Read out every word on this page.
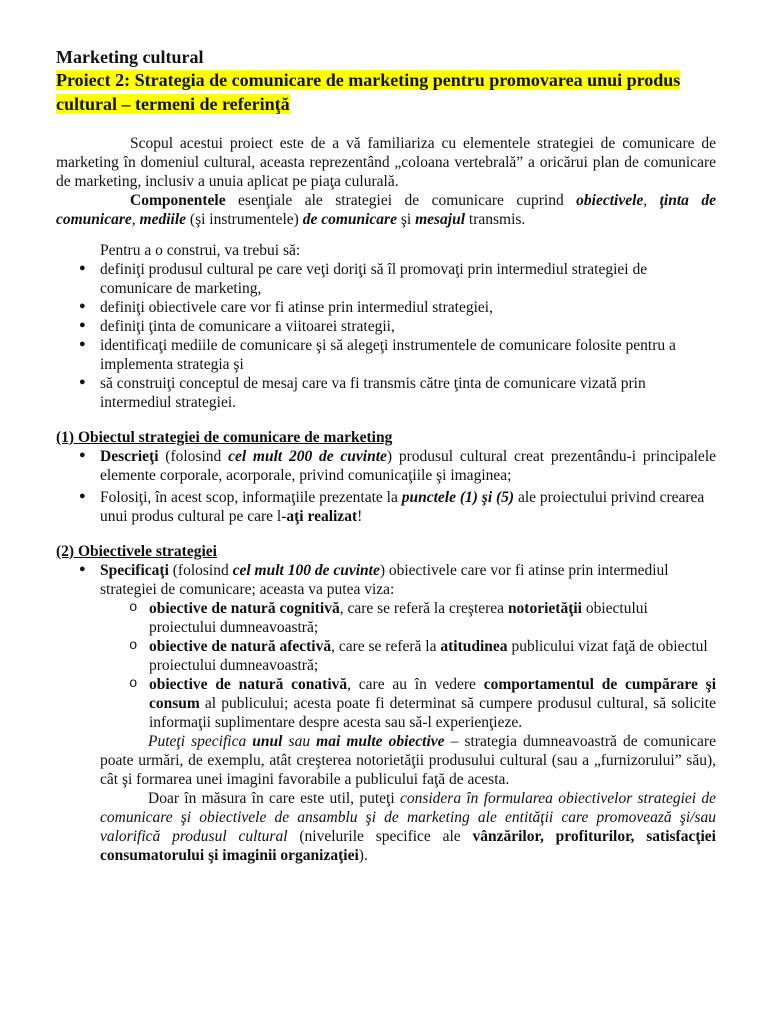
Marketing cultural

Proiect 2: Strategia de comunicare de marketing pentru promovarea unui produs cultural – termeni de referinţă

Scopul acestui proiect este de a vă familiariza cu elementele strategiei de comunicare de marketing în domeniul cultural, aceasta reprezentând „coloana vertebrală” a oricărui plan de comunicare de marketing, inclusiv a unuia aplicat pe piaţa culurală.

Componentele esenţiale ale strategiei de comunicare cuprind obiectivele, ţinta de comunicare, mediile (şi instrumentele) de comunicare şi mesajul transmis.

Pentru a o construi, va trebui să:

● definiţi produsul cultural pe care veţi doriţi să îl promovaţi prin intermediul strategiei de comunicare de marketing,
● definiţi obiectivele care vor fi atinse prin intermediul strategiei,
● definiţi ţinta de comunicare a viitoarei strategii,
● identificaţi mediile de comunicare şi să alegeţi instrumentele de comunicare folosite pentru a implementa strategia şi
● să construiţi conceptul de mesaj care va fi transmis către ţinta de comunicare vizată prin intermediul strategiei.

(1) Obiectul strategiei de comunicare de marketing

● Descrieţi (folosind cel mult 200 de cuvinte) produsul cultural creat prezentându-i principalele elemente corporale, acorporale, privind comunicaţiile şi imaginea;
● Folosiţi, în acest scop, informaţiile prezentate la punctele (1) şi (5) ale proiectului privind crearea unui produs cultural pe care l-aţi realizat!

(2) Obiectivele strategiei

● Specificaţi (folosind cel mult 100 de cuvinte) obiectivele care vor fi atinse prin intermediul strategiei de comunicare; aceasta va putea viza:
o obiective de natură cognitivă, care se referă la creşterea notorietăţii obiectului proiectului dumneavoastră;
o obiective de natură afectivă, care se referă la atitudinea publicului vizat faţă de obiectul proiectului dumneavoastră;
o obiective de natură conativă, care au în vedere comportamentul de cumpărare şi consum al publicului; acesta poate fi determinat să cumpere produsul cultural, să solicite informaţii suplimentare despre acesta sau să-l experienţieze.

Puteţi specifica unul sau mai multe obiective – strategia dumneavoastră de comunicare poate urmări, de exemplu, atât creşterea notorietăţii produsului cultural (sau a „furnizorului” său), cât şi formarea unei imagini favorabile a publicului faţă de acesta.

Doar în măsura în care este util, puteţi considera în formularea obiectivelor strategiei de comunicare şi obiectivele de ansamblu şi de marketing ale entităţii care promovează şi/sau valorifică produsul cultural (nivelurile specifice ale vânzărilor, profiturilor, satisfacţiei consumatorului şi imaginii organizaţiei).
